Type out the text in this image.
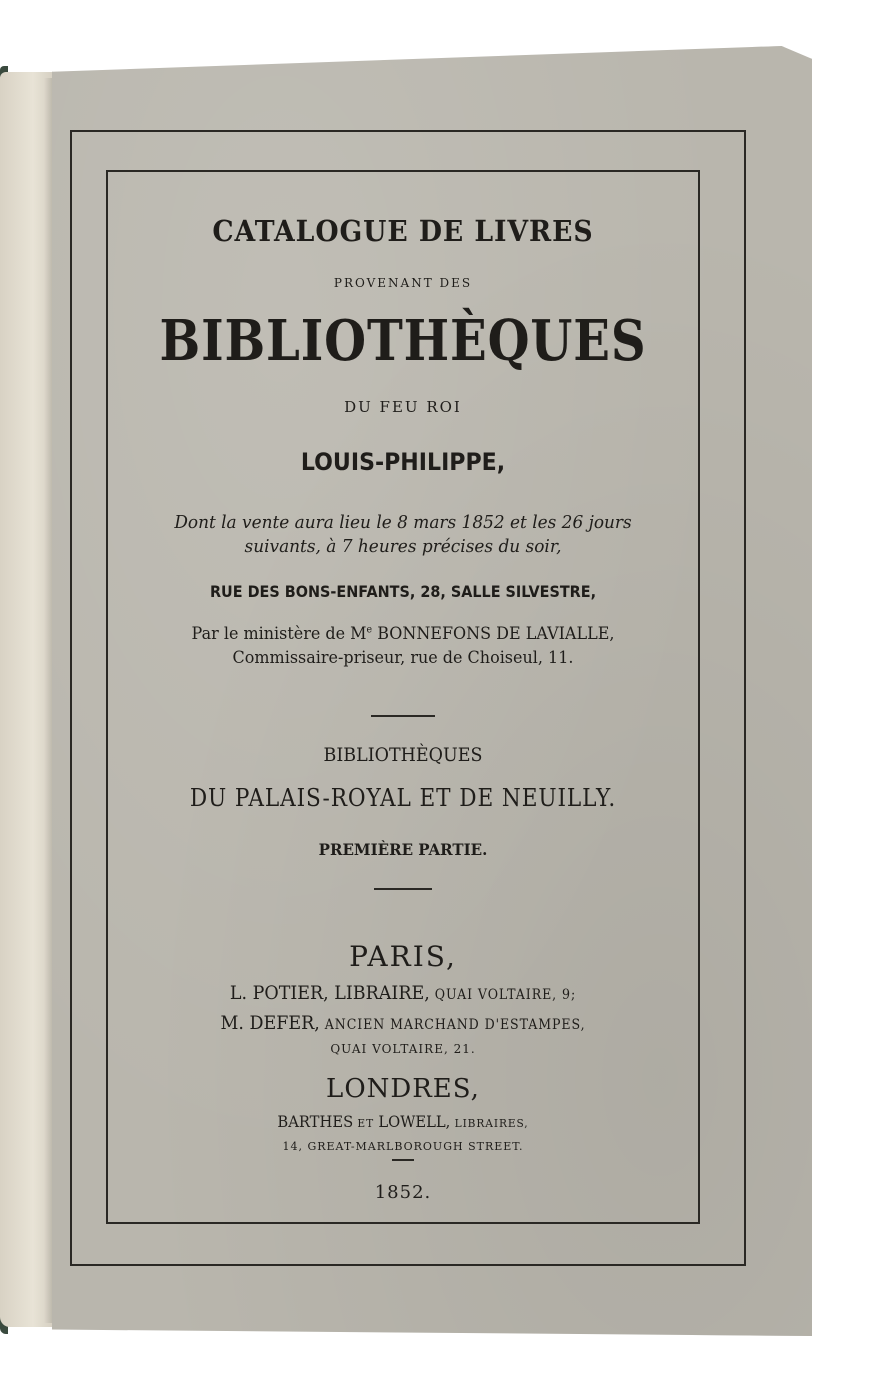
CATALOGUE DE LIVRES
PROVENANT DES
BIBLIOTHÈQUES
DU FEU ROI
LOUIS-PHILIPPE,
Dont la vente aura lieu le 8 mars 1852 et les 26 jours
suivants, à 7 heures précises du soir,
RUE DES BONS-ENFANTS, 28, SALLE SILVESTRE,
Par le ministère de Me BONNEFONS DE LAVIALLE,
Commissaire-priseur, rue de Choiseul, 11.
BIBLIOTHÈQUES
DU PALAIS-ROYAL ET DE NEUILLY.
PREMIÈRE PARTIE.
PARIS,
L. POTIER, LIBRAIRE, QUAI VOLTAIRE, 9;
M. DEFER, ANCIEN MARCHAND D'ESTAMPES,
QUAI VOLTAIRE, 21.
LONDRES,
BARTHES ET LOWELL, LIBRAIRES,
14, GREAT-MARLBOROUGH STREET.
1852.
